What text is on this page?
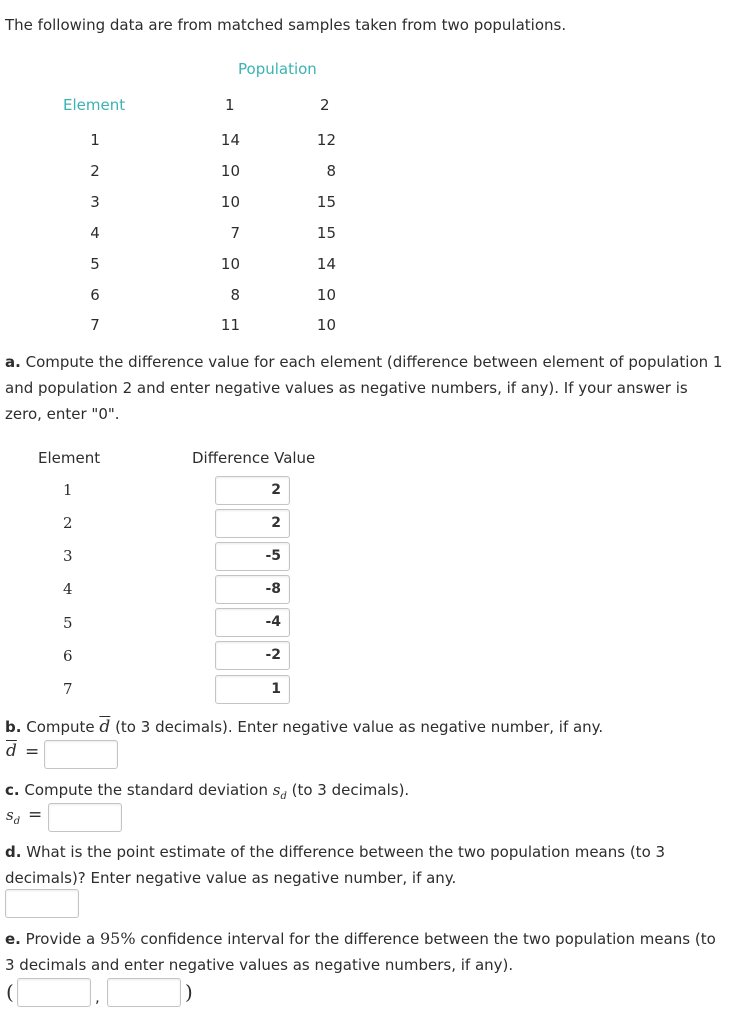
The following data are from matched samples taken from two populations.
Population
Element	1	2
1	14	12
2	10	8
3	10	15
4	7	15
5	10	14
6	8	10
7	11	10
a. Compute the difference value for each element (difference between element of population 1 and population 2 and enter negative values as negative numbers, if any). If your answer is zero, enter "0".
Element	Difference Value
1	2
2	2
3	-5
4	-8
5	-4
6	-2
7	1
b. Compute $\overline{d}$ (to 3 decimals). Enter negative value as negative number, if any.
$\overline{d}$ =
c. Compute the standard deviation $s_d$ (to 3 decimals).
$s_d$ =
d. What is the point estimate of the difference between the two population means (to 3 decimals)? Enter negative value as negative number, if any.
e. Provide a 95% confidence interval for the difference between the two population means (to 3 decimals and enter negative values as negative numbers, if any).
(	,	)
